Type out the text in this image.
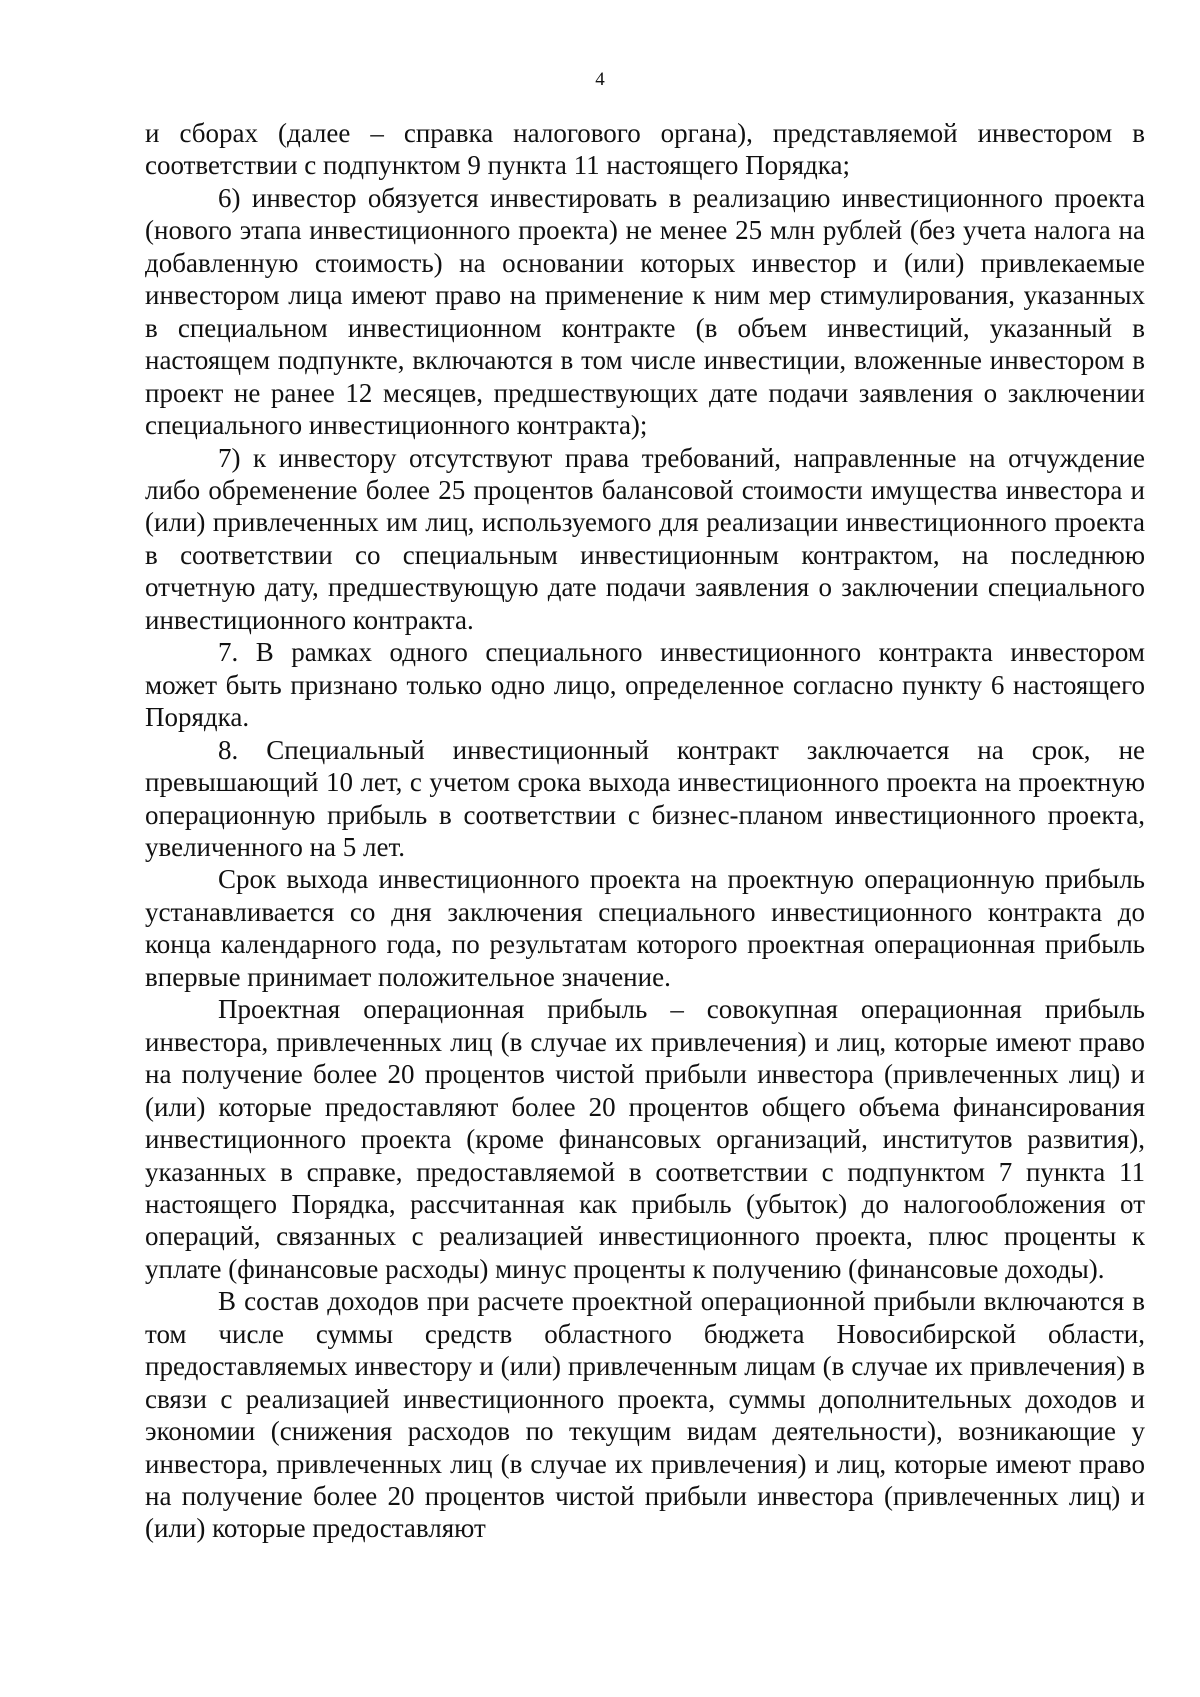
4

и сборах (далее – справка налогового органа), представляемой инвестором в соответствии с подпунктом 9 пункта 11 настоящего Порядка;

6) инвестор обязуется инвестировать в реализацию инвестиционного проекта (нового этапа инвестиционного проекта) не менее 25 млн рублей (без учета налога на добавленную стоимость) на основании которых инвестор и (или) привлекаемые инвестором лица имеют право на применение к ним мер стимулирования, указанных в специальном инвестиционном контракте (в объем инвестиций, указанный в настоящем подпункте, включаются в том числе инвестиции, вложенные инвестором в проект не ранее 12 месяцев, предшествующих дате подачи заявления о заключении специального инвестиционного контракта);

7) к инвестору отсутствуют права требований, направленные на отчуждение либо обременение более 25 процентов балансовой стоимости имущества инвестора и (или) привлеченных им лиц, используемого для реализации инвестиционного проекта в соответствии со специальным инвестиционным контрактом, на последнюю отчетную дату, предшествующую дате подачи заявления о заключении специального инвестиционного контракта.

7. В рамках одного специального инвестиционного контракта инвестором может быть признано только одно лицо, определенное согласно пункту 6 настоящего Порядка.

8. Специальный инвестиционный контракт заключается на срок, не превышающий 10 лет, с учетом срока выхода инвестиционного проекта на проектную операционную прибыль в соответствии с бизнес-планом инвестиционного проекта, увеличенного на 5 лет.

Срок выхода инвестиционного проекта на проектную операционную прибыль устанавливается со дня заключения специального инвестиционного контракта до конца календарного года, по результатам которого проектная операционная прибыль впервые принимает положительное значение.

Проектная операционная прибыль – совокупная операционная прибыль инвестора, привлеченных лиц (в случае их привлечения) и лиц, которые имеют право на получение более 20 процентов чистой прибыли инвестора (привлеченных лиц) и (или) которые предоставляют более 20 процентов общего объема финансирования инвестиционного проекта (кроме финансовых организаций, институтов развития), указанных в справке, предоставляемой в соответствии с подпунктом 7 пункта 11 настоящего Порядка, рассчитанная как прибыль (убыток) до налогообложения от операций, связанных с реализацией инвестиционного проекта, плюс проценты к уплате (финансовые расходы) минус проценты к получению (финансовые доходы).

В состав доходов при расчете проектной операционной прибыли включаются в том числе суммы средств областного бюджета Новосибирской области, предоставляемых инвестору и (или) привлеченным лицам (в случае их привлечения) в связи с реализацией инвестиционного проекта, суммы дополнительных доходов и экономии (снижения расходов по текущим видам деятельности), возникающие у инвестора, привлеченных лиц (в случае их привлечения) и лиц, которые имеют право на получение более 20 процентов чистой прибыли инвестора (привлеченных лиц) и (или) которые предоставляют
